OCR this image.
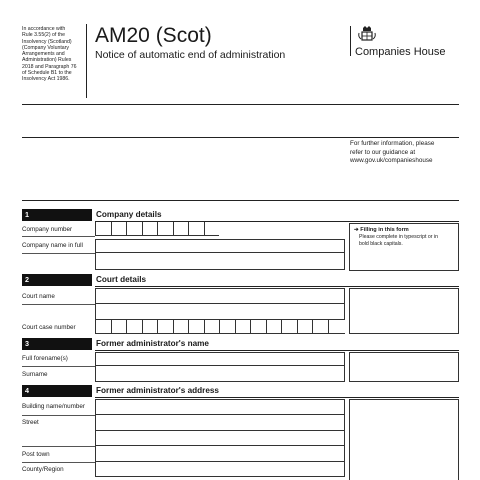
In accordance with
Rule 3.55(2) of the
Insolvency (Scotland)
(Company Voluntary
Arrangements and
Administration) Rules
2018 and Paragraph 76
of Schedule B1 to the
Insolvency Act 1986.
AM20 (Scot)
Notice of automatic end of administration	Companies House
For further information, please
refer to our guidance at
www.gov.uk/companieshouse
1	Company details
Company number
Company name in full
➔ Filling in this form
Please complete in typescript or in
bold black capitals.
2	Court details
Court name
Court case number
3	Former administrator's name
Full forename(s)
Surname
4	Former administrator's address
Building name/number
Street
Post town
County/Region
